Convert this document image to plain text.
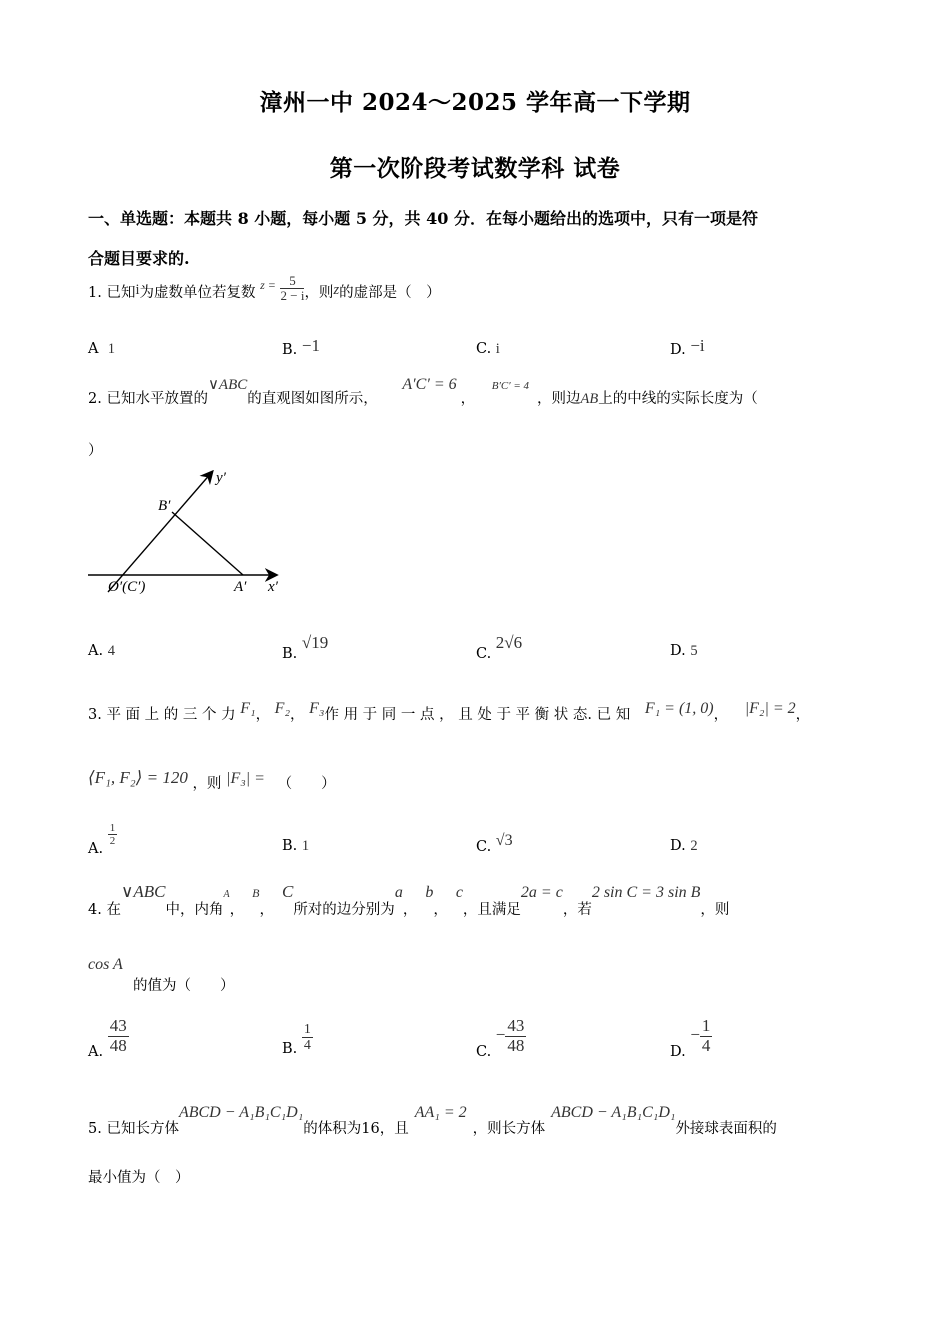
漳州一中 2024～2025 学年高一下学期
第一次阶段考试数学科 试卷
一、单选题：本题共 8 小题，每小题 5 分，共 40 分．在每小题给出的选项中，只有一项是符
合题目要求的.
1. 已知i为虚数单位若复数 $^{z =} \frac{5}{2 - i}$ ，则z的虚部是（　）
A 1	B. −1	C. i	D. −i
2. 已知水平放置的∨ABC的直观图如图所示， A′C′ = 6， B′C′ = 4，则边AB上的中线的实际长度为（
）
y′
x′
B′
A′
O′(C′)
A. 4	B. √19
C. 2√6	D. 5
3. 平 面 上 的 三 个 力 F₁， F₂， F₃作 用 于 同 一 点 ， 且 处 于 平 衡 状 态. 已 知 F₁ = (1, 0)， |F₂| = 2，
⟨F₁, F₂⟩ = 120 ，则 |F₃| = （　　）
A.
$\frac{1}{2}$	B. 1	C. √3	D. 2
4. 在∨ABC中，内角A，B，C所对的边分别为a，b，c，且满足2a = c，若2 sin C = 3 sin B，则
cos A
的值为（　　）
A. $\frac{43}{48}$	B. $\frac{1}{4}$	C. − $\frac{43}{48}$	D. − $\frac{1}{4}$
5. 已知长方体ABCD − A₁B₁C₁D₁的体积为16，且AA₁ = 2，则长方体ABCD − A₁B₁C₁D₁外接球表面积的
最小值为（　）
